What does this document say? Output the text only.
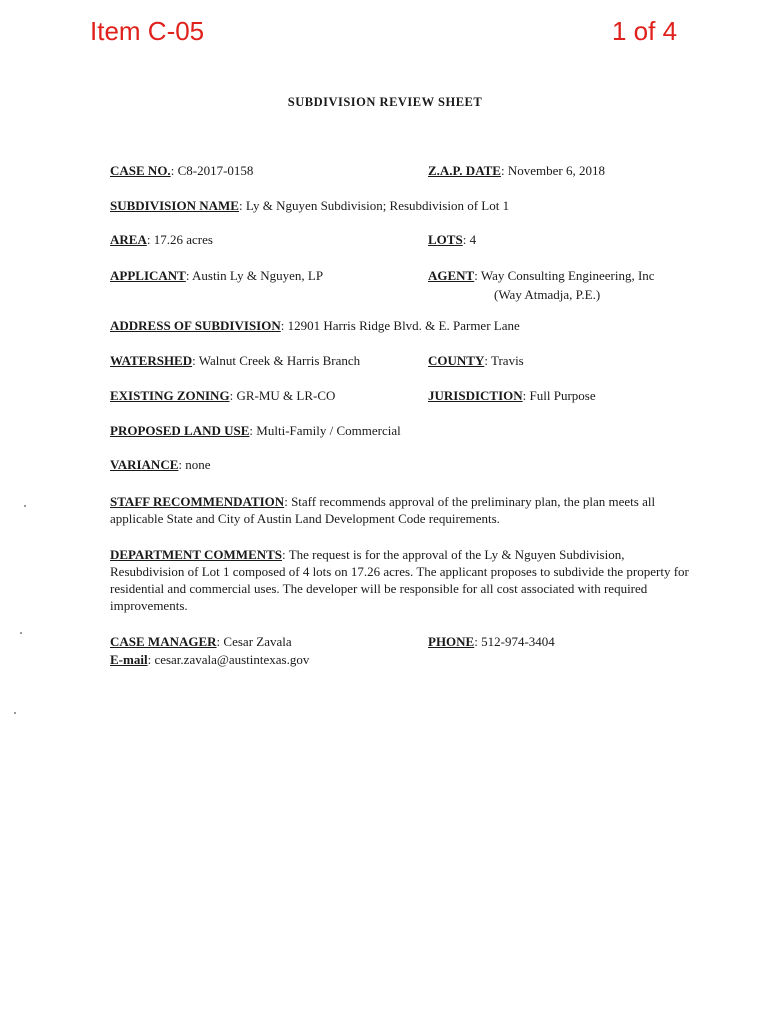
Item C-05	1 of 4
SUBDIVISION REVIEW SHEET
CASE NO.: C8-2017-0158	Z.A.P. DATE: November 6, 2018
SUBDIVISION NAME: Ly & Nguyen Subdivision; Resubdivision of Lot 1
AREA: 17.26 acres	LOTS: 4
APPLICANT: Austin Ly & Nguyen, LP	AGENT: Way Consulting Engineering, Inc
(Way Atmadja, P.E.)
ADDRESS OF SUBDIVISION: 12901 Harris Ridge Blvd. & E. Parmer Lane
WATERSHED: Walnut Creek & Harris Branch	COUNTY: Travis
EXISTING ZONING: GR-MU & LR-CO	JURISDICTION: Full Purpose
PROPOSED LAND USE: Multi-Family / Commercial
VARIANCE: none
STAFF RECOMMENDATION: Staff recommends approval of the preliminary plan, the plan meets all applicable State and City of Austin Land Development Code requirements.
DEPARTMENT COMMENTS: The request is for the approval of the Ly & Nguyen Subdivision, Resubdivision of Lot 1 composed of 4 lots on 17.26 acres. The applicant proposes to subdivide the property for residential and commercial uses. The developer will be responsible for all cost associated with required improvements.
CASE MANAGER: Cesar Zavala	PHONE: 512-974-3404
E-mail: cesar.zavala@austintexas.gov
